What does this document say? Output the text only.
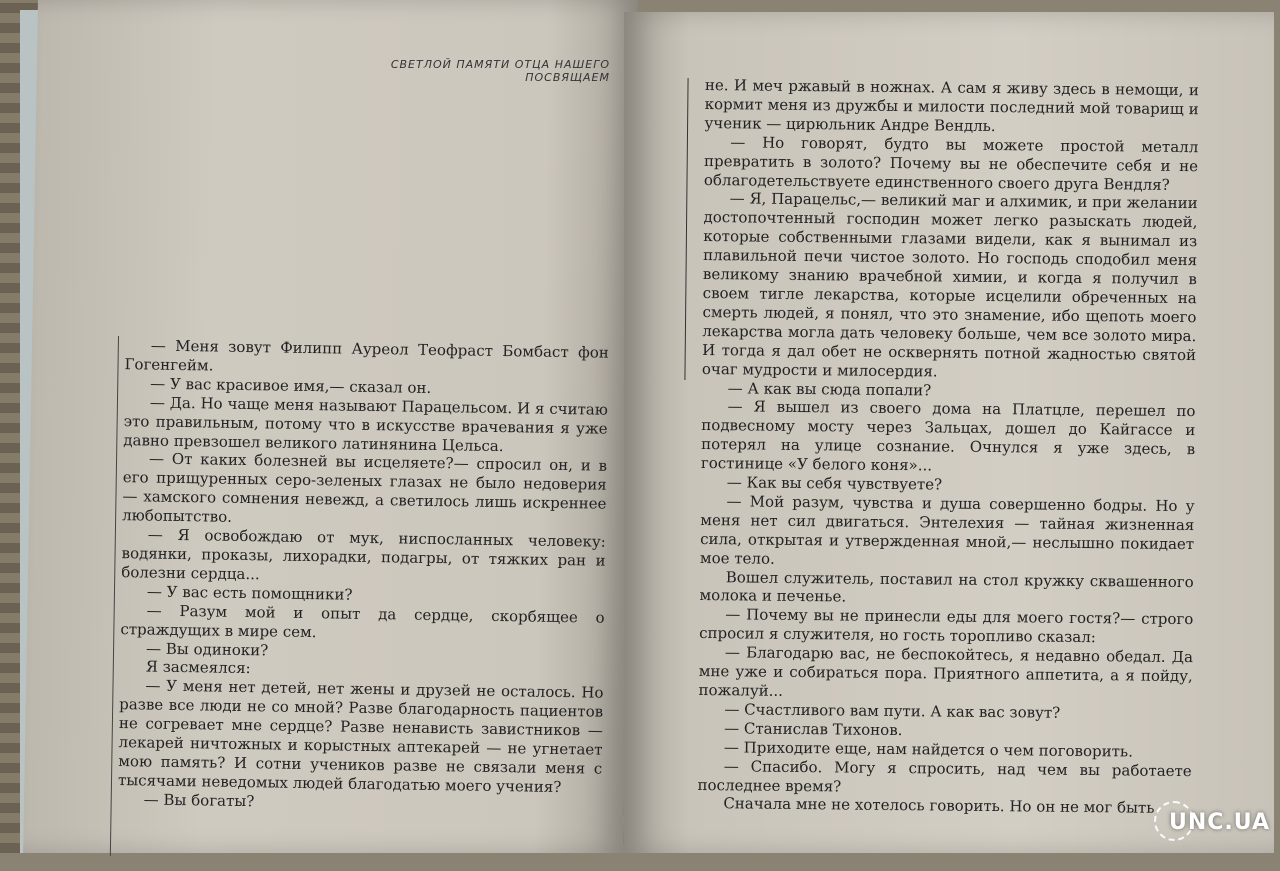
СВЕТЛОЙ ПАМЯТИ ОТЦА НАШЕГО
ПОСВЯЩАЕМ

— Меня зовут Филипп Ауреол Теофраст Бомбаст фон Гогенгейм.

— У вас красивое имя,— сказал он.

— Да. Но чаще меня называют Парацельсом. И я считаю это правильным, потому что в искусстве врачевания я уже давно превзошел великого латинянина Цельса.

— От каких болезней вы исцеляете?— спросил он, и в его прищуренных серо-зеленых глазах не было недоверия — хамского сомнения невежд, а светилось лишь искреннее любопытство.

— Я освобождаю от мук, ниспосланных человеку: водянки, проказы, лихорадки, подагры, от тяжких ран и болезни сердца...

— У вас есть помощники?

— Разум мой и опыт да сердце, скорбящее о страждущих в мире сем.

— Вы одиноки?

Я засмеялся:

— У меня нет детей, нет жены и друзей не осталось. Но разве все люди не со мной? Разве благодарность пациентов не согревает мне сердце? Разве ненависть завистников — лекарей ничтожных и корыстных аптекарей — не угнетает мою память? И сотни учеников разве не связали меня с тысячами неведомых людей благодатью моего учения?

— Вы богаты?

не. И меч ржавый в ножнах. А сам я живу здесь в немощи, и кормит меня из дружбы и милости последний мой товарищ и ученик — цирюльник Андре Вендль.

— Но говорят, будто вы можете простой металл превратить в золото? Почему вы не обеспечите себя и не облагодетельствуете единственного своего друга Вендля?

— Я, Парацельс,— великий маг и алхимик, и при желании достопочтенный господин может легко разыскать людей, которые собственными глазами видели, как я вынимал из плавильной печи чистое золото. Но господь сподобил меня великому знанию врачебной химии, и когда я получил в своем тигле лекарства, которые исцелили обреченных на смерть людей, я понял, что это знамение, ибо щепоть моего лекарства могла дать человеку больше, чем все золото мира. И тогда я дал обет не осквернять потной жадностью святой очаг мудрости и милосердия.

— А как вы сюда попали?

— Я вышел из своего дома на Платцле, перешел по подвесному мосту через Зальцах, дошел до Кайгассе и потерял на улице сознание. Очнулся я уже здесь, в гостинице «У белого коня»...

— Как вы себя чувствуете?

— Мой разум, чувства и душа совершенно бодры. Но у меня нет сил двигаться. Энтелехия — тайная жизненная сила, открытая и утвержденная мной,— неслышно покидает мое тело.

Вошел служитель, поставил на стол кружку сквашенного молока и печенье.

— Почему вы не принесли еды для моего гостя?— строго спросил я служителя, но гость торопливо сказал:

— Благодарю вас, не беспокойтесь, я недавно обедал. Да мне уже и собираться пора. Приятного аппетита, а я пойду, пожалуй...

— Счастливого вам пути. А как вас зовут?

— Станислав Тихонов.

— Приходите еще, нам найдется о чем поговорить.

— Спасибо. Могу я спросить, над чем вы работаете последнее время?

Сначала мне не хотелось говорить. Но он не мог быть

UNC.UA
